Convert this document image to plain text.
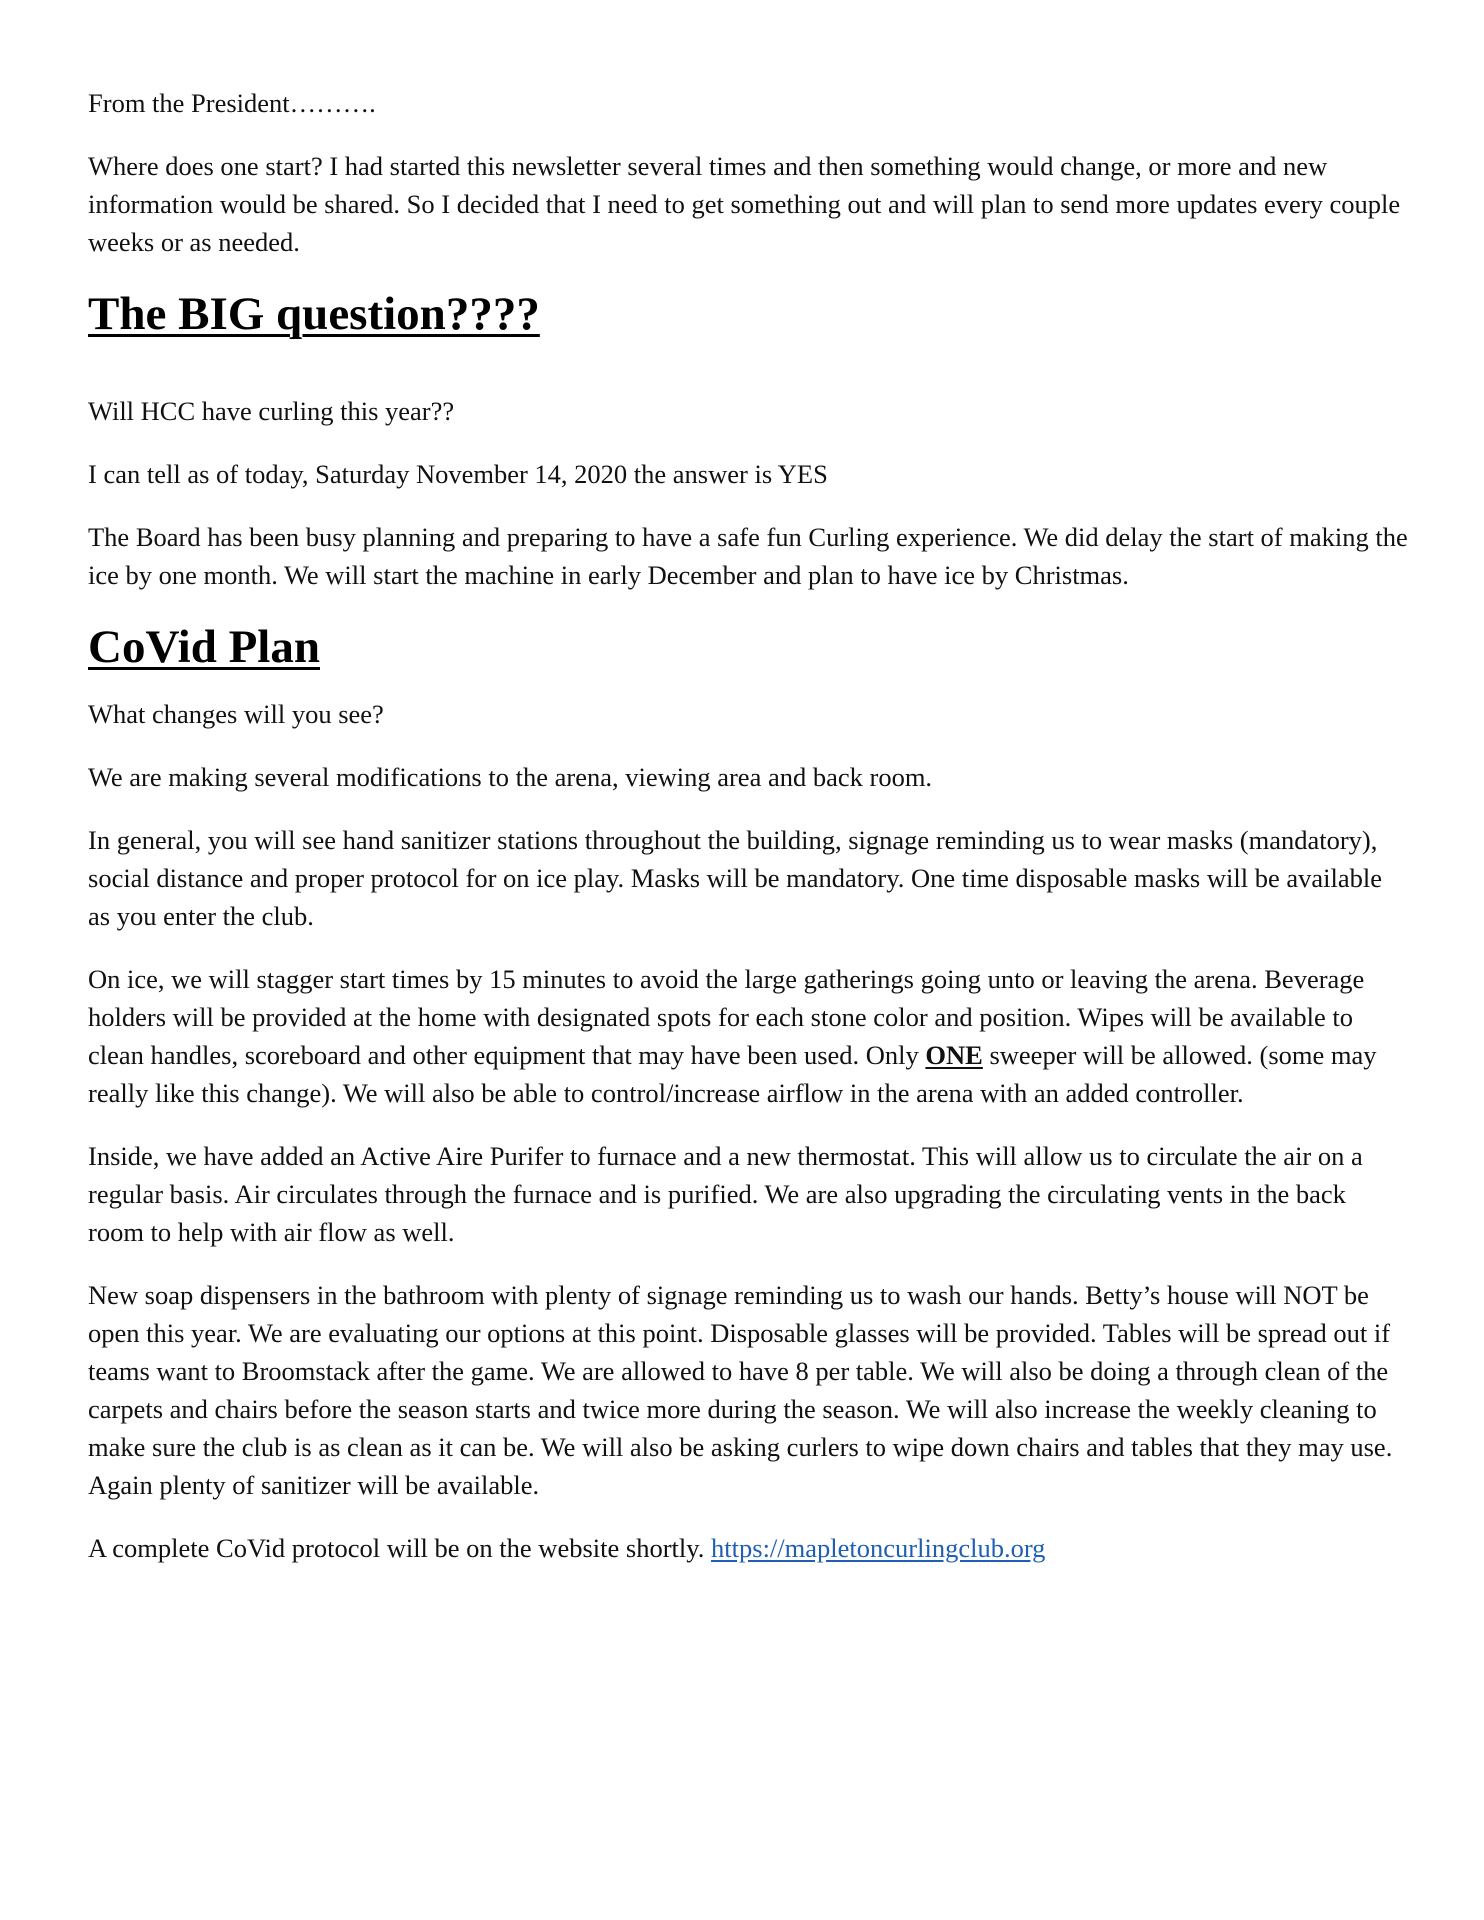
From the President……….

Where does one start? I had started this newsletter several times and then something would change, or more and new information would be shared. So I decided that I need to get something out and will plan to send more updates every couple weeks or as needed.

The BIG question????

Will HCC have curling this year??

I can tell as of today, Saturday November 14, 2020 the answer is YES

The Board has been busy planning and preparing to have a safe fun Curling experience. We did delay the start of making the ice by one month. We will start the machine in early December and plan to have ice by Christmas.

CoVid Plan

What changes will you see?

We are making several modifications to the arena, viewing area and back room.

In general, you will see hand sanitizer stations throughout the building, signage reminding us to wear masks (mandatory), social distance and proper protocol for on ice play. Masks will be mandatory. One time disposable masks will be available as you enter the club.

On ice, we will stagger start times by 15 minutes to avoid the large gatherings going unto or leaving the arena. Beverage holders will be provided at the home with designated spots for each stone color and position. Wipes will be available to clean handles, scoreboard and other equipment that may have been used. Only ONE sweeper will be allowed. (some may really like this change). We will also be able to control/increase airflow in the arena with an added controller.

Inside, we have added an Active Aire Purifer to furnace and a new thermostat. This will allow us to circulate the air on a regular basis. Air circulates through the furnace and is purified. We are also upgrading the circulating vents in the back room to help with air flow as well.

New soap dispensers in the bathroom with plenty of signage reminding us to wash our hands. Betty’s house will NOT be open this year. We are evaluating our options at this point. Disposable glasses will be provided. Tables will be spread out if teams want to Broomstack after the game. We are allowed to have 8 per table. We will also be doing a through clean of the carpets and chairs before the season starts and twice more during the season. We will also increase the weekly cleaning to make sure the club is as clean as it can be. We will also be asking curlers to wipe down chairs and tables that they may use. Again plenty of sanitizer will be available.

A complete CoVid protocol will be on the website shortly. https://mapletoncurlingclub.org
